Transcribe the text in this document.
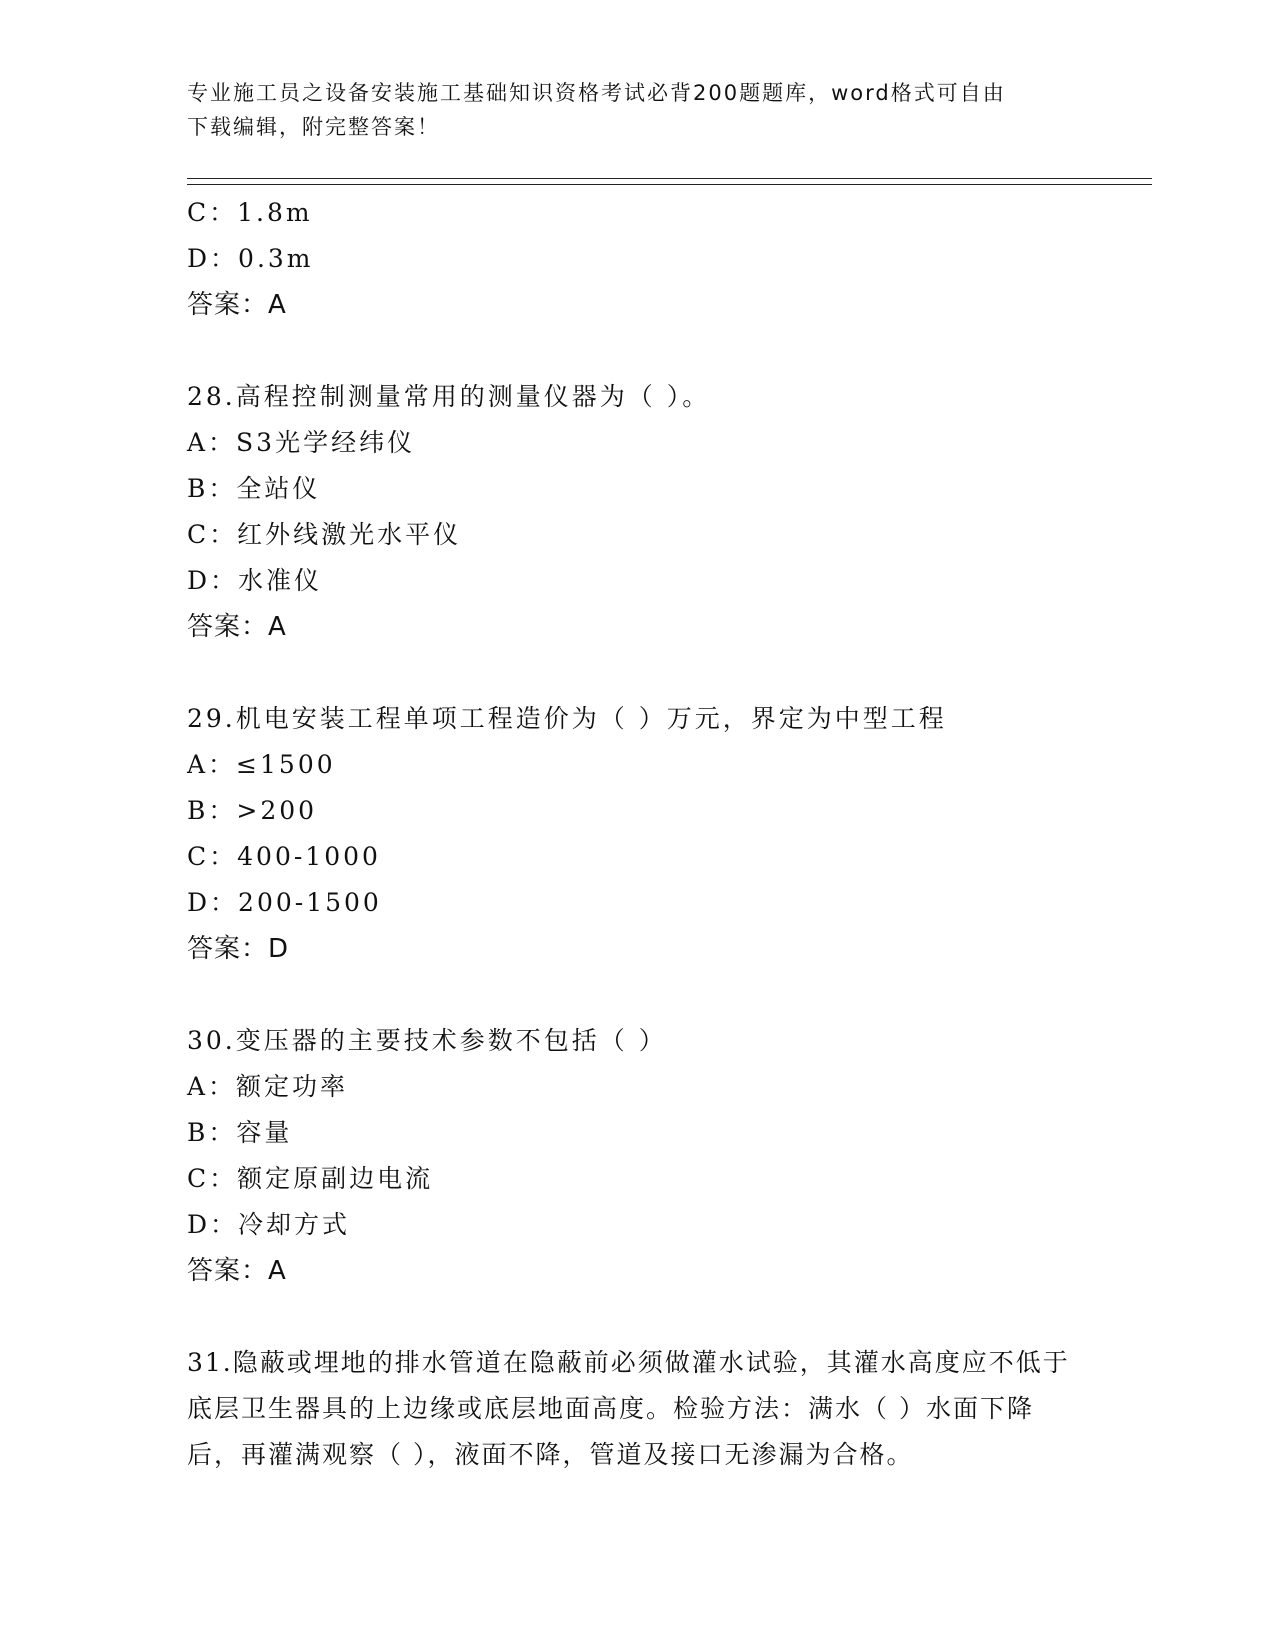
专业施工员之设备安装施工基础知识资格考试必背200题题库，word格式可自由
下载编辑，附完整答案！
C：1.8m
D：0.3m
答案：A
28.高程控制测量常用的测量仪器为（ ）。
A：S3光学经纬仪
B：全站仪
C：红外线激光水平仪
D：水准仪
答案：A
29.机电安装工程单项工程造价为（ ）万元，界定为中型工程
A：≤1500
B：>200
C：400-1000
D：200-1500
答案：D
30.变压器的主要技术参数不包括（ ）
A：额定功率
B：容量
C：额定原副边电流
D：冷却方式
答案：A
31.隐蔽或埋地的排水管道在隐蔽前必须做灌水试验，其灌水高度应不低于底层卫生器具的上边缘或底层地面高度。检验方法：满水（ ）水面下降后，再灌满观察（ ），液面不降，管道及接口无渗漏为合格。
